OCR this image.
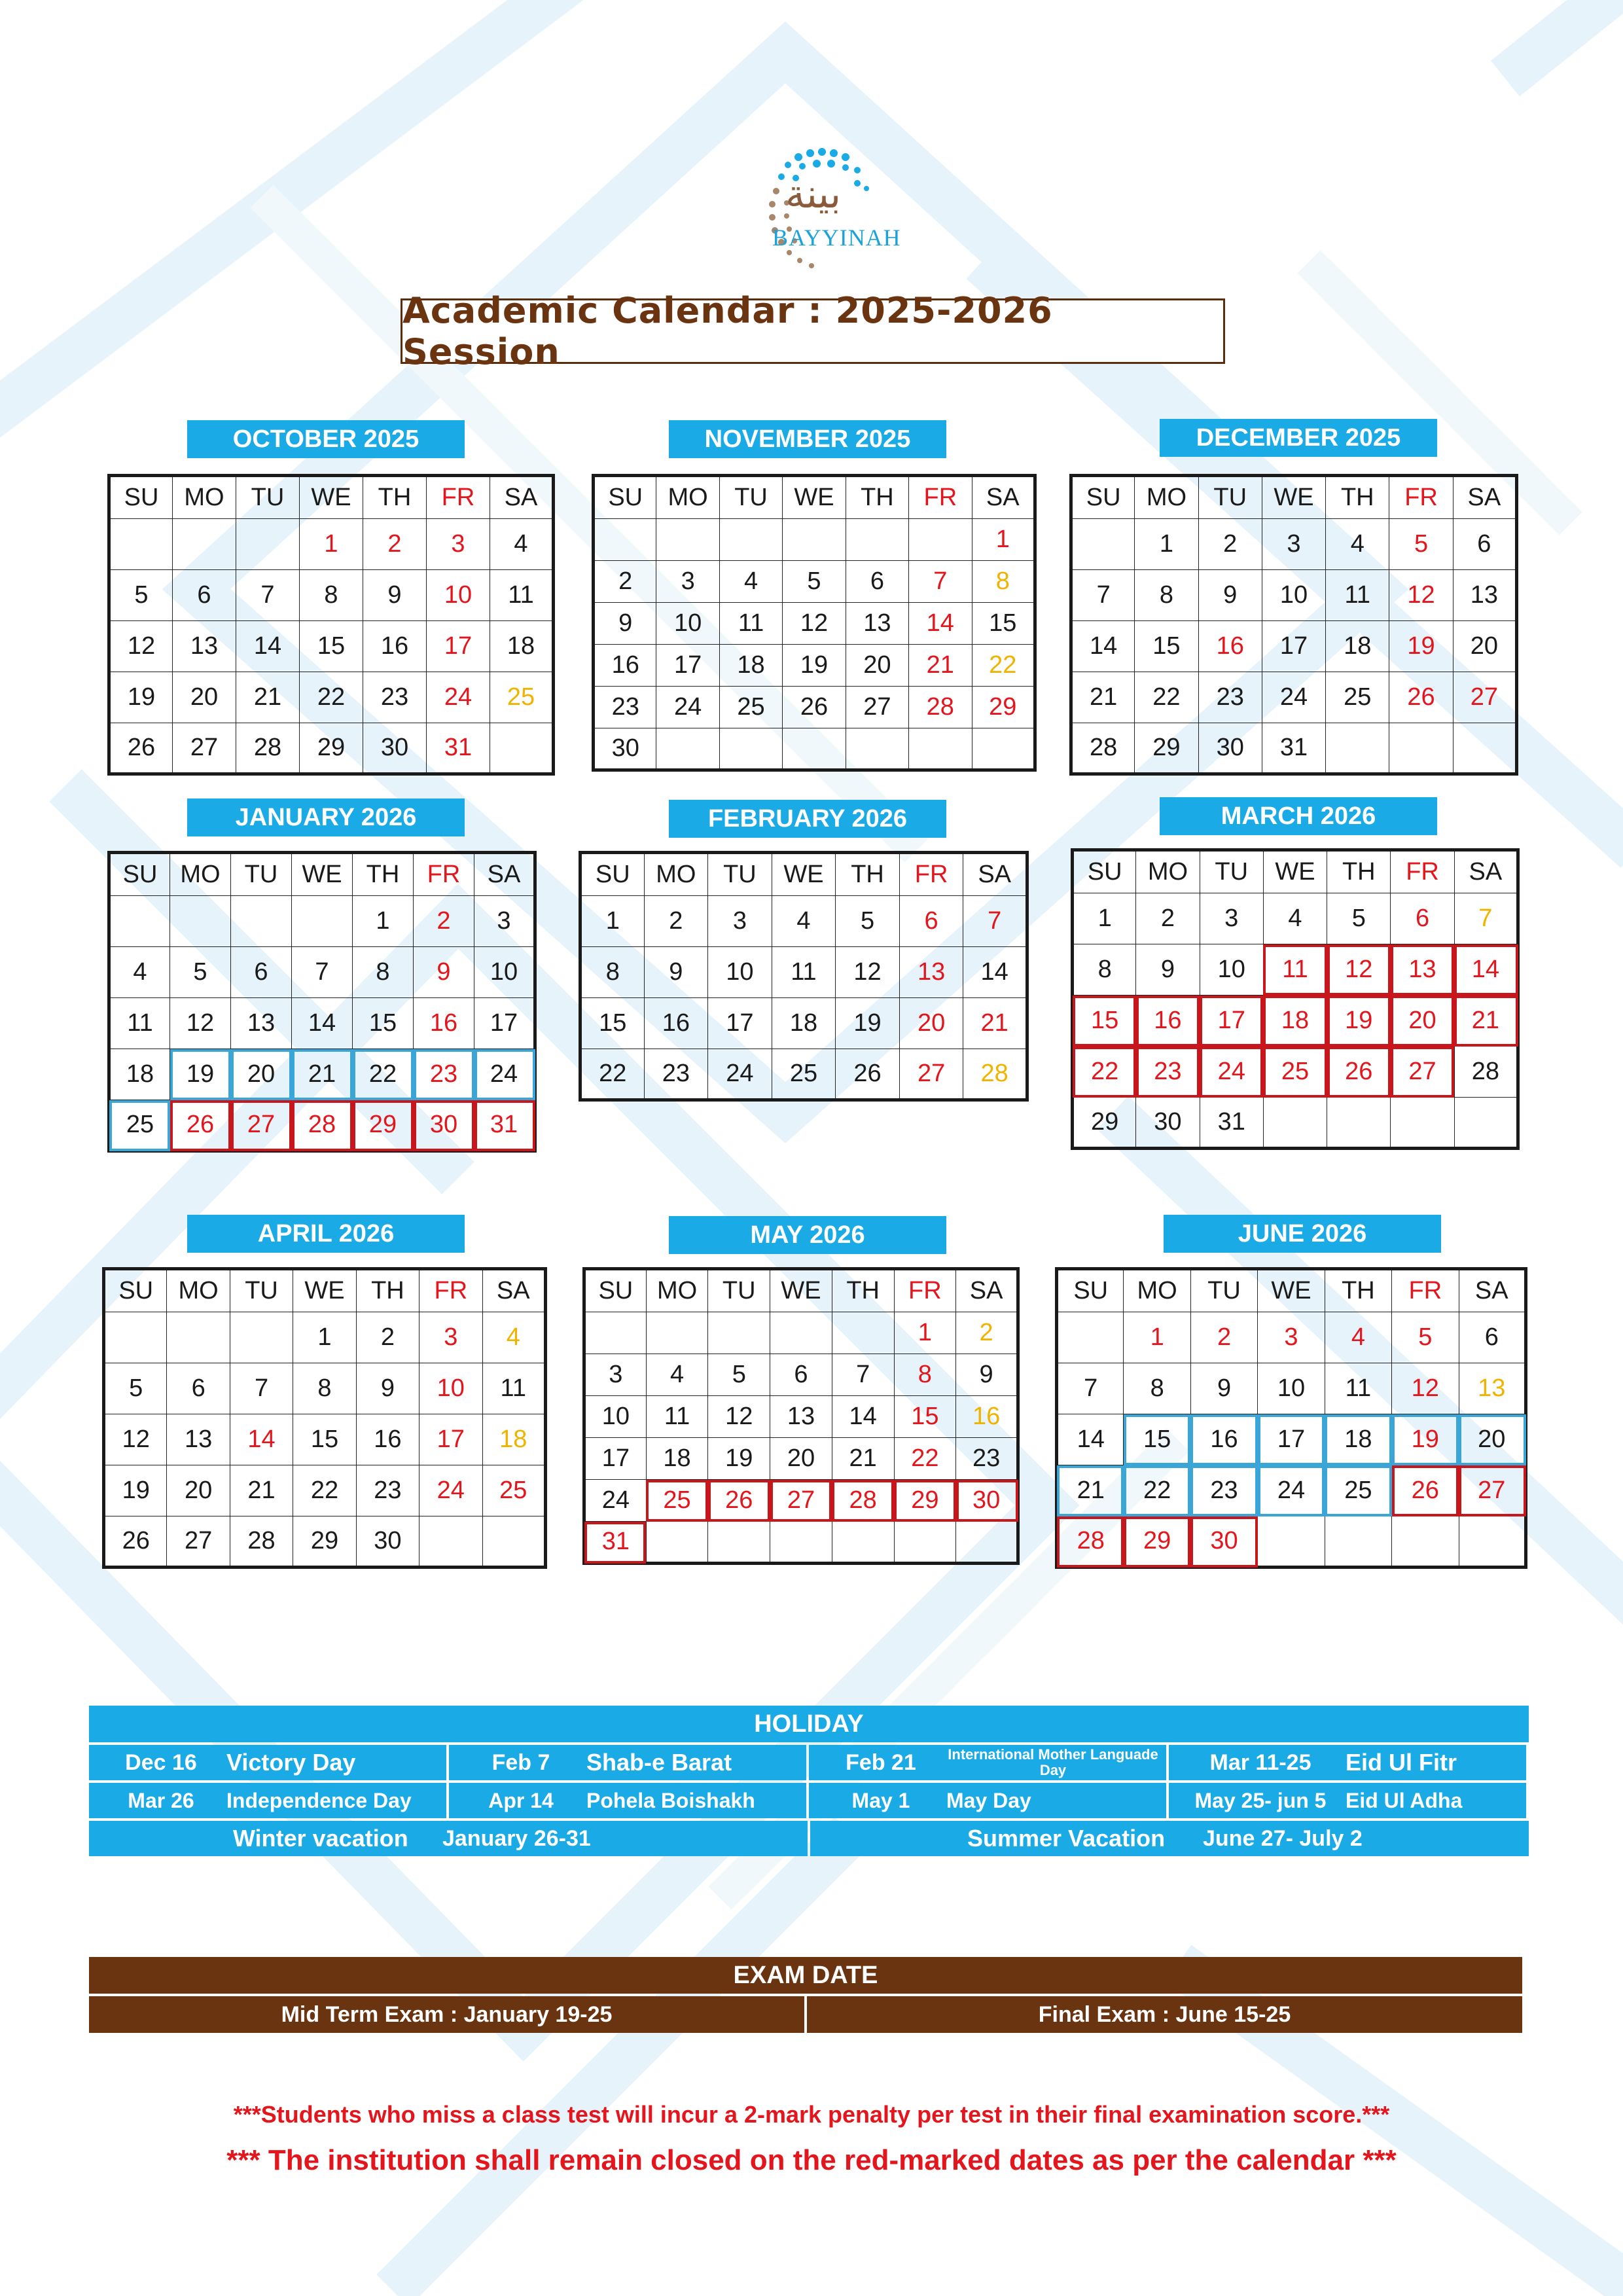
بينة
BAYYINAH
Academic Calendar : 2025-2026 Session
OCTOBER 2025
SU	MO	TU	WE	TH	FR	SA
			1	2	3	4
5	6	7	8	9	10	11
12	13	14	15	16	17	18
19	20	21	22	23	24	25
26	27	28	29	30	31	
NOVEMBER 2025
SU	MO	TU	WE	TH	FR	SA
						1
2	3	4	5	6	7	8
9	10	11	12	13	14	15
16	17	18	19	20	21	22
23	24	25	26	27	28	29
30						
DECEMBER 2025
SU	MO	TU	WE	TH	FR	SA
	1	2	3	4	5	6
7	8	9	10	11	12	13
14	15	16	17	18	19	20
21	22	23	24	25	26	27
28	29	30	31			
JANUARY 2026
SU	MO	TU	WE	TH	FR	SA
				1	2	3
4	5	6	7	8	9	10
11	12	13	14	15	16	17
18	19	20	21	22	23	24
25	26	27	28	29	30	31
FEBRUARY 2026
SU	MO	TU	WE	TH	FR	SA
1	2	3	4	5	6	7
8	9	10	11	12	13	14
15	16	17	18	19	20	21
22	23	24	25	26	27	28
MARCH 2026
SU	MO	TU	WE	TH	FR	SA
1	2	3	4	5	6	7
8	9	10	11	12	13	14
15	16	17	18	19	20	21
22	23	24	25	26	27	28
29	30	31				
APRIL 2026
SU	MO	TU	WE	TH	FR	SA
			1	2	3	4
5	6	7	8	9	10	11
12	13	14	15	16	17	18
19	20	21	22	23	24	25
26	27	28	29	30		
MAY 2026
SU	MO	TU	WE	TH	FR	SA
					1	2
3	4	5	6	7	8	9
10	11	12	13	14	15	16
17	18	19	20	21	22	23
24	25	26	27	28	29	30
31						
JUNE 2026
SU	MO	TU	WE	TH	FR	SA
	1	2	3	4	5	6
7	8	9	10	11	12	13
14	15	16	17	18	19	20
21	22	23	24	25	26	27
28	29	30				
HOLIDAY
Dec 16	Victory Day	Feb 7	Shab-e Barat	Feb 21	International Mother Languade Day	Mar 11-25	Eid Ul Fitr
Mar 26	Independence Day	Apr 14	Pohela Boishakh	May 1	May Day	May 25- jun 5 Eid Ul Adha
Winter vacation	January 26-31	Summer Vacation	June 27- July 2
EXAM DATE
Mid Term Exam : January 19-25	Final Exam : June 15-25
***Students who miss a class test will incur a 2-mark penalty per test in their final examination score.***
*** The institution shall remain closed on the red-marked dates as per the calendar ***
